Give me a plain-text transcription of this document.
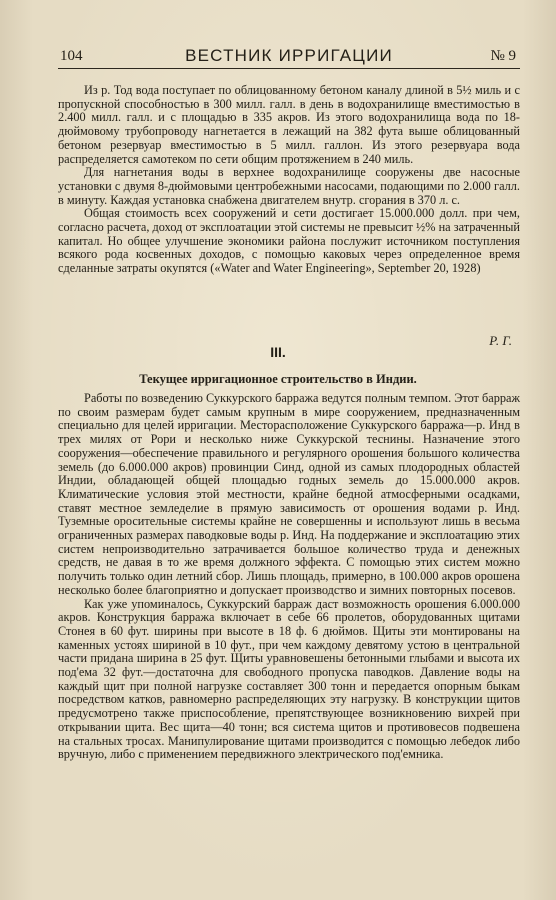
104	ВЕСТНИК ИРРИГАЦИИ	№ 9

Из р. Тод вода поступает по облицованному бетоном каналу длиной в 5½ миль и с пропускной способностью в 300 милл. галл. в день в водохранилище вместимостью в 2.400 милл. галл. и с площадью в 335 акров. Из этого водохранилища вода по 18-дюймовому трубопроводу нагнетается в лежащий на 382 фута выше облицованный бетоном резервуар вместимостью в 5 милл. галлон. Из этого резервуара вода распределяется самотеком по сети общим протяжением в 240 миль.

Для нагнетания воды в верхнее водохранилище сооружены две насосные установки с двумя 8-дюймовыми центробежными насосами, подающими по 2.000 галл. в минуту. Каждая установка снабжена двигателем внутр. сгорания в 370 л. с.

Общая стоимость всех сооружений и сети достигает 15.000.000 долл. при чем, согласно расчета, доход от эксплоатации этой системы не превысит ½% на затраченный капитал. Но общее улучшение экономики района послужит источником поступления всякого рода косвенных доходов, с помощью каковых через определенное время сделанные затраты окупятся («Water and Water Engineering», September 20, 1928)

Р. Г.
III.
Текущее ирригационное строительство в Индии.

Работы по возведению Суккурского барража ведутся полным темпом. Этот барраж по своим размерам будет самым крупным в мире сооружением, предназначенным специально для целей ирригации. Местоpасположение Суккурского барража—р. Инд в трех милях от Рори и несколько ниже Суккурской теснины. Назначение этого сооружения—обеспечение правильного и регулярного орошения большого количества земель (до 6.000.000 акров) провинции Синд, одной из самых плодородных областей Индии, обладающей общей площадью годных земель до 15.000.000 акров. Климатические условия этой местности, крайне бедной атмосферными осадками, ставят местное земледелие в прямую зависимость от орошения водами р. Инд. Туземные оросительные системы крайне не совершенны и используют лишь в весьма ограниченных размерах паводковые воды р. Инд. На поддержание и эксплоатацию этих систем непроизводительно затрачивается большое количество труда и денежных средств, не давая в то же время должного эффекта. С помощью этих систем можно получить только один летний сбор. Лишь площадь, примерно, в 100.000 акров орошена несколько более благоприятно и допускает производство и зимних повторных посевов.

Как уже упоминалось, Суккурский барраж даст возможность орошения 6.000.000 акров. Конструкция барража включает в себе 66 пролетов, оборудованных щитами Стонея в 60 фут. ширины при высоте в 18 ф. 6 дюймов. Щиты эти монтированы на каменных устоях шириной в 10 фут., при чем каждому девятому устою в центральной части придана ширина в 25 фут. Щиты уравновешены бетонными глыбами и высота их под'ема 32 фут.—достаточна для свободного пропуска паводков. Давление воды на каждый щит при полной нагрузке составляет 300 тонн и передается опорным быкам посредством катков, равномерно распределяющих эту нагрузку. В конструкции щитов предусмотрено также приспособление, препятствующее возникновению вихрей при открывании щита. Вес щита—40 тонн; вся система щитов и противовесов подвешена на стальных тросах. Манипулирование щитами производится с помощью лебедок либо вручную, либо с применением передвижного электрического под'емника.
